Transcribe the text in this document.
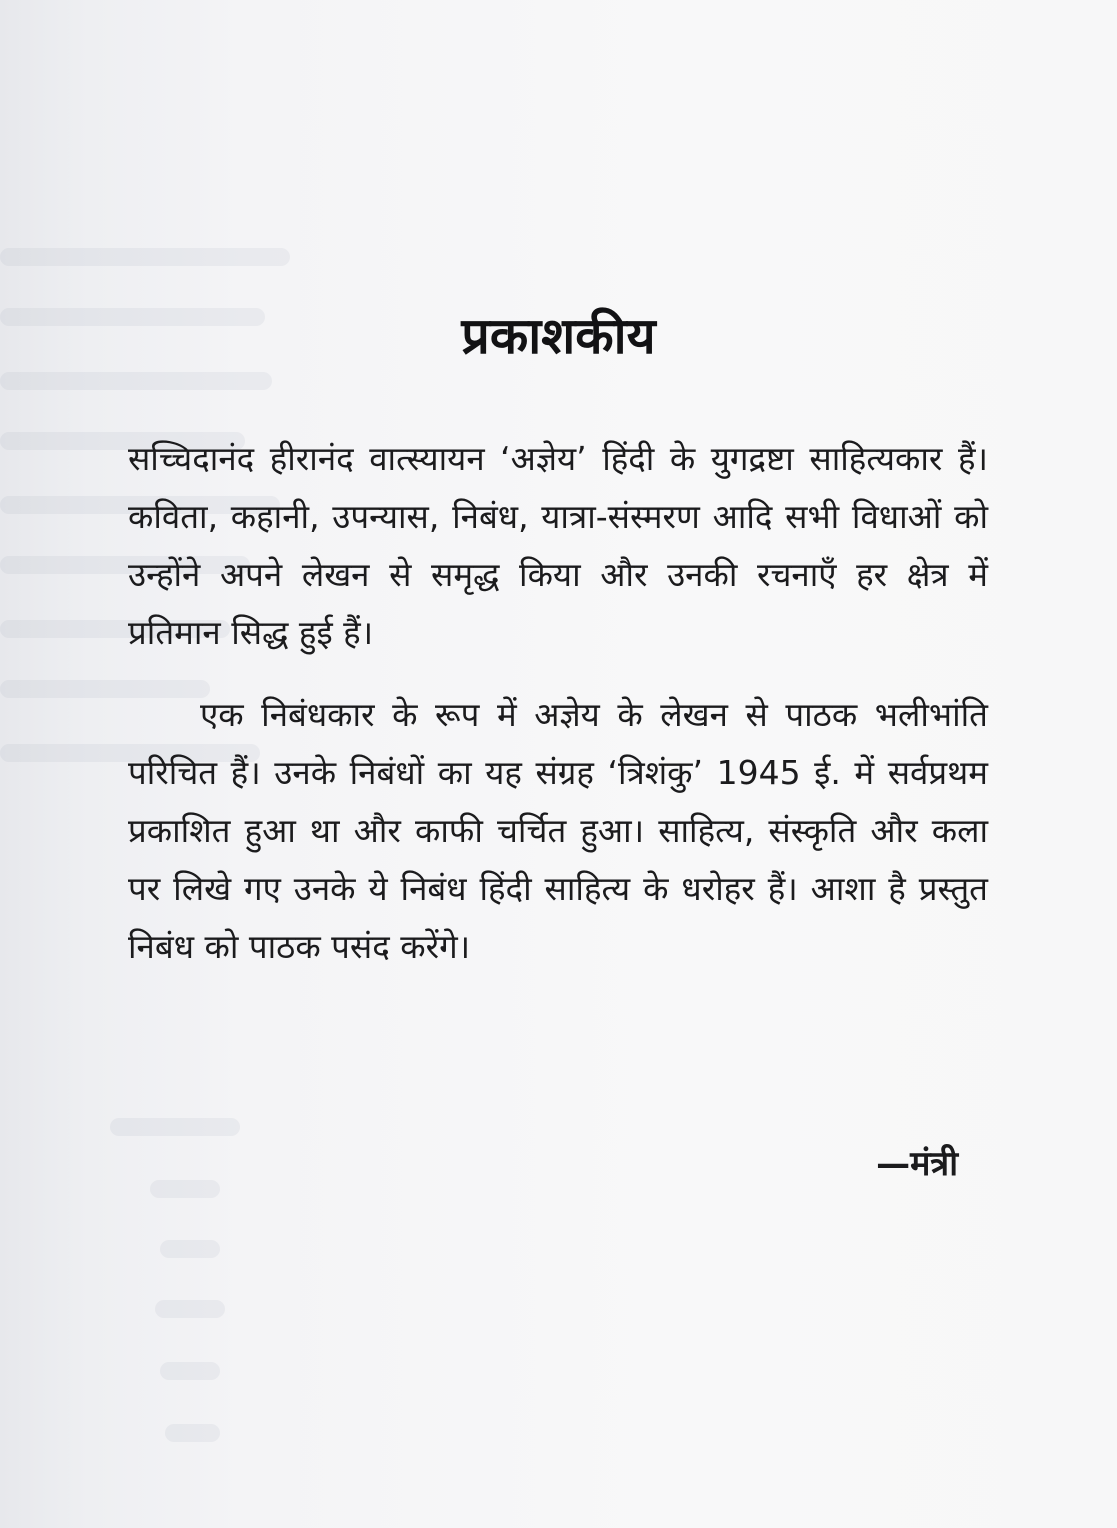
प्रकाशकीय

सच्चिदानंद हीरानंद वात्स्यायन ‘अज्ञेय’ हिंदी के युगद्रष्टा साहित्यकार हैं। कविता, कहानी, उपन्यास, निबंध, यात्रा-संस्मरण आदि सभी विधाओं को उन्होंने अपने लेखन से समृद्ध किया और उनकी रचनाएँ हर क्षेत्र में प्रतिमान सिद्ध हुई हैं।

एक निबंधकार के रूप में अज्ञेय के लेखन से पाठक भलीभांति परिचित हैं। उनके निबंधों का यह संग्रह ‘त्रिशंकु’ 1945 ई. में सर्वप्रथम प्रकाशित हुआ था और काफी चर्चित हुआ। साहित्य, संस्कृति और कला पर लिखे गए उनके ये निबंध हिंदी साहित्य के धरोहर हैं। आशा है प्रस्तुत निबंध को पाठक पसंद करेंगे।

—मंत्री
